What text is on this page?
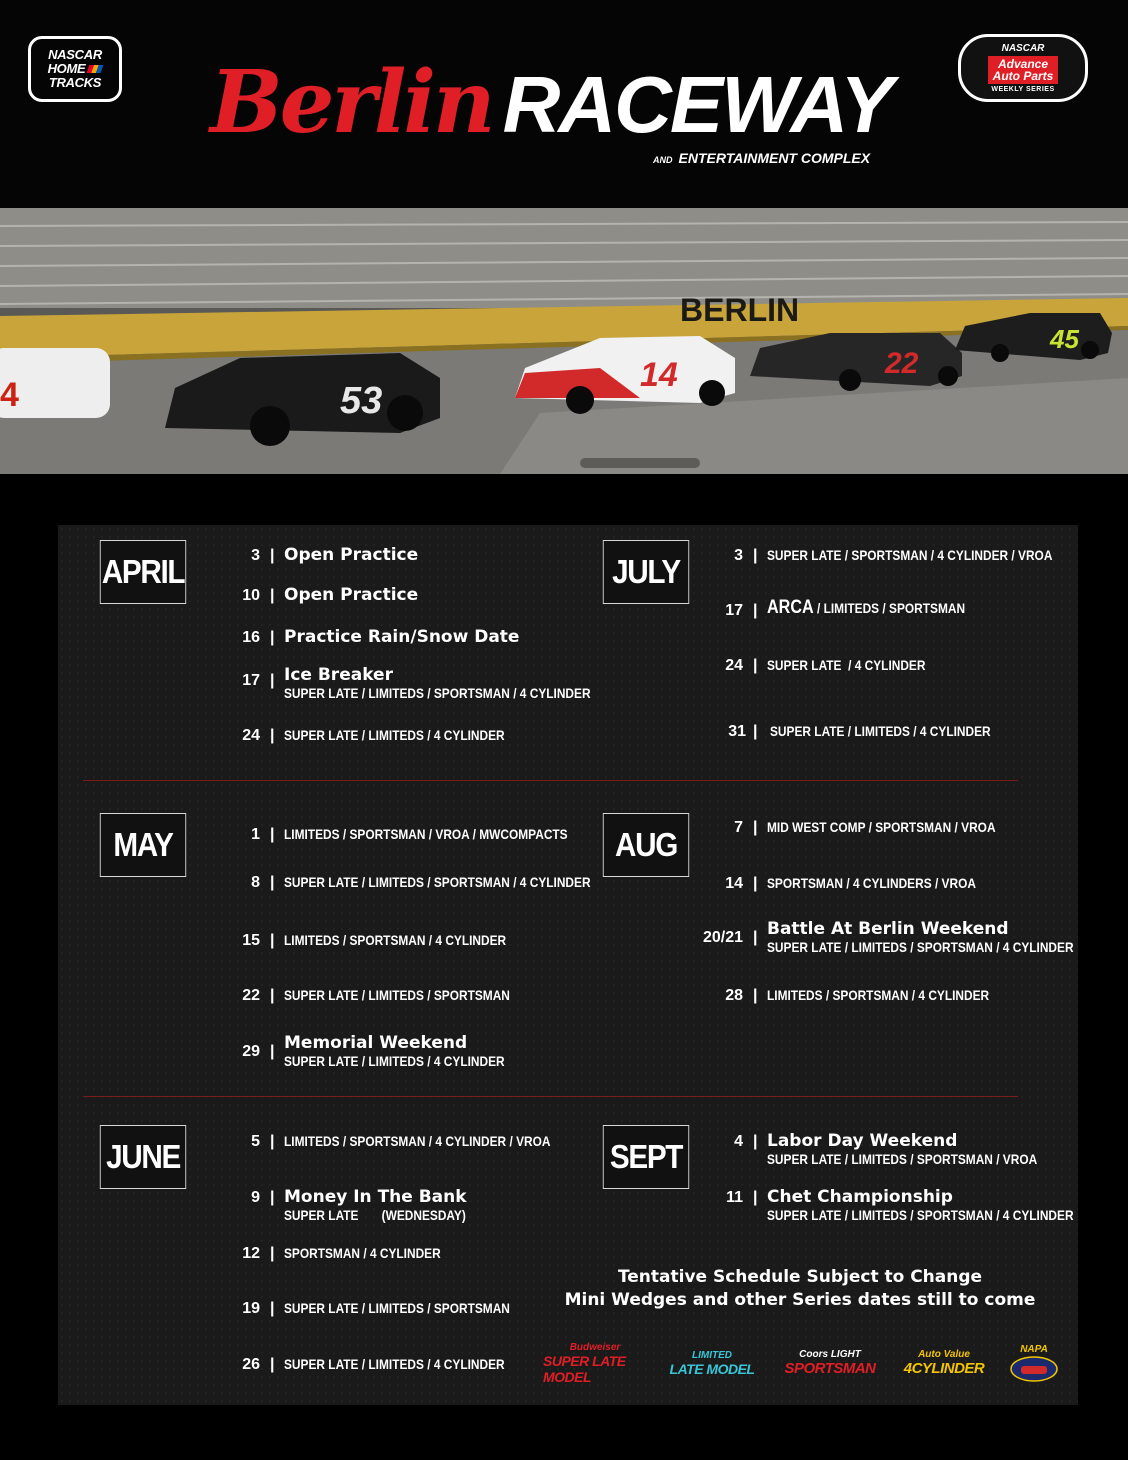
NASCAR
HOME
TRACKS Berlin RACEWAY
AND ENTERTAINMENT COMPLEX
NASCAR
Advance
Auto Parts
WEEKLY SERIES
BERLIN
4	53
14	22
45
APRIL
MAY
JUNE
JULY
AUG
SEPT
3 | Open Practice
10 | Open Practice
16 | Practice Rain/Snow Date
17 | Ice Breaker
SUPER LATE / LIMITEDS / SPORTSMAN / 4 CYLINDER
24 | SUPER LATE / LIMITEDS / 4 CYLINDER
1 | LIMITEDS / SPORTSMAN / VROA / MWCOMPACTS
8 | SUPER LATE / LIMITEDS / SPORTSMAN / 4 CYLINDER
15 | LIMITEDS / SPORTSMAN / 4 CYLINDER
22 | SUPER LATE / LIMITEDS / SPORTSMAN
29 | Memorial Weekend
SUPER LATE / LIMITEDS / 4 CYLINDER
5 | LIMITEDS / SPORTSMAN / 4 CYLINDER / VROA
9 | Money In The Bank
SUPER LATE       (WEDNESDAY)
12 | SPORTSMAN / 4 CYLINDER
19 | SUPER LATE / LIMITEDS / SPORTSMAN
26 | SUPER LATE / LIMITEDS / 4 CYLINDER
3 | SUPER LATE / SPORTSMAN / 4 CYLINDER / VROA
17 | ARCA / LIMITEDS / SPORTSMAN
24 | SUPER LATE  / 4 CYLINDER
31 | SUPER LATE / LIMITEDS / 4 CYLINDER
7 | MID WEST COMP / SPORTSMAN / VROA
14 | SPORTSMAN / 4 CYLINDERS / VROA
20/21 | Battle At Berlin Weekend
SUPER LATE / LIMITEDS / SPORTSMAN / 4 CYLINDER
28 | LIMITEDS / SPORTSMAN / 4 CYLINDER
4 | Labor Day Weekend
SUPER LATE / LIMITEDS / SPORTSMAN / VROA
11 | Chet Championship
SUPER LATE / LIMITEDS / SPORTSMAN / 4 CYLINDER
Tentative Schedule Subject to Change
Mini Wedges and other Series dates still to come
Budweiser
SUPER LATE MODEL
LIMITED
LATE MODEL
Coors LIGHT
SPORTSMAN
Auto Value
4CYLINDER
NAPA
